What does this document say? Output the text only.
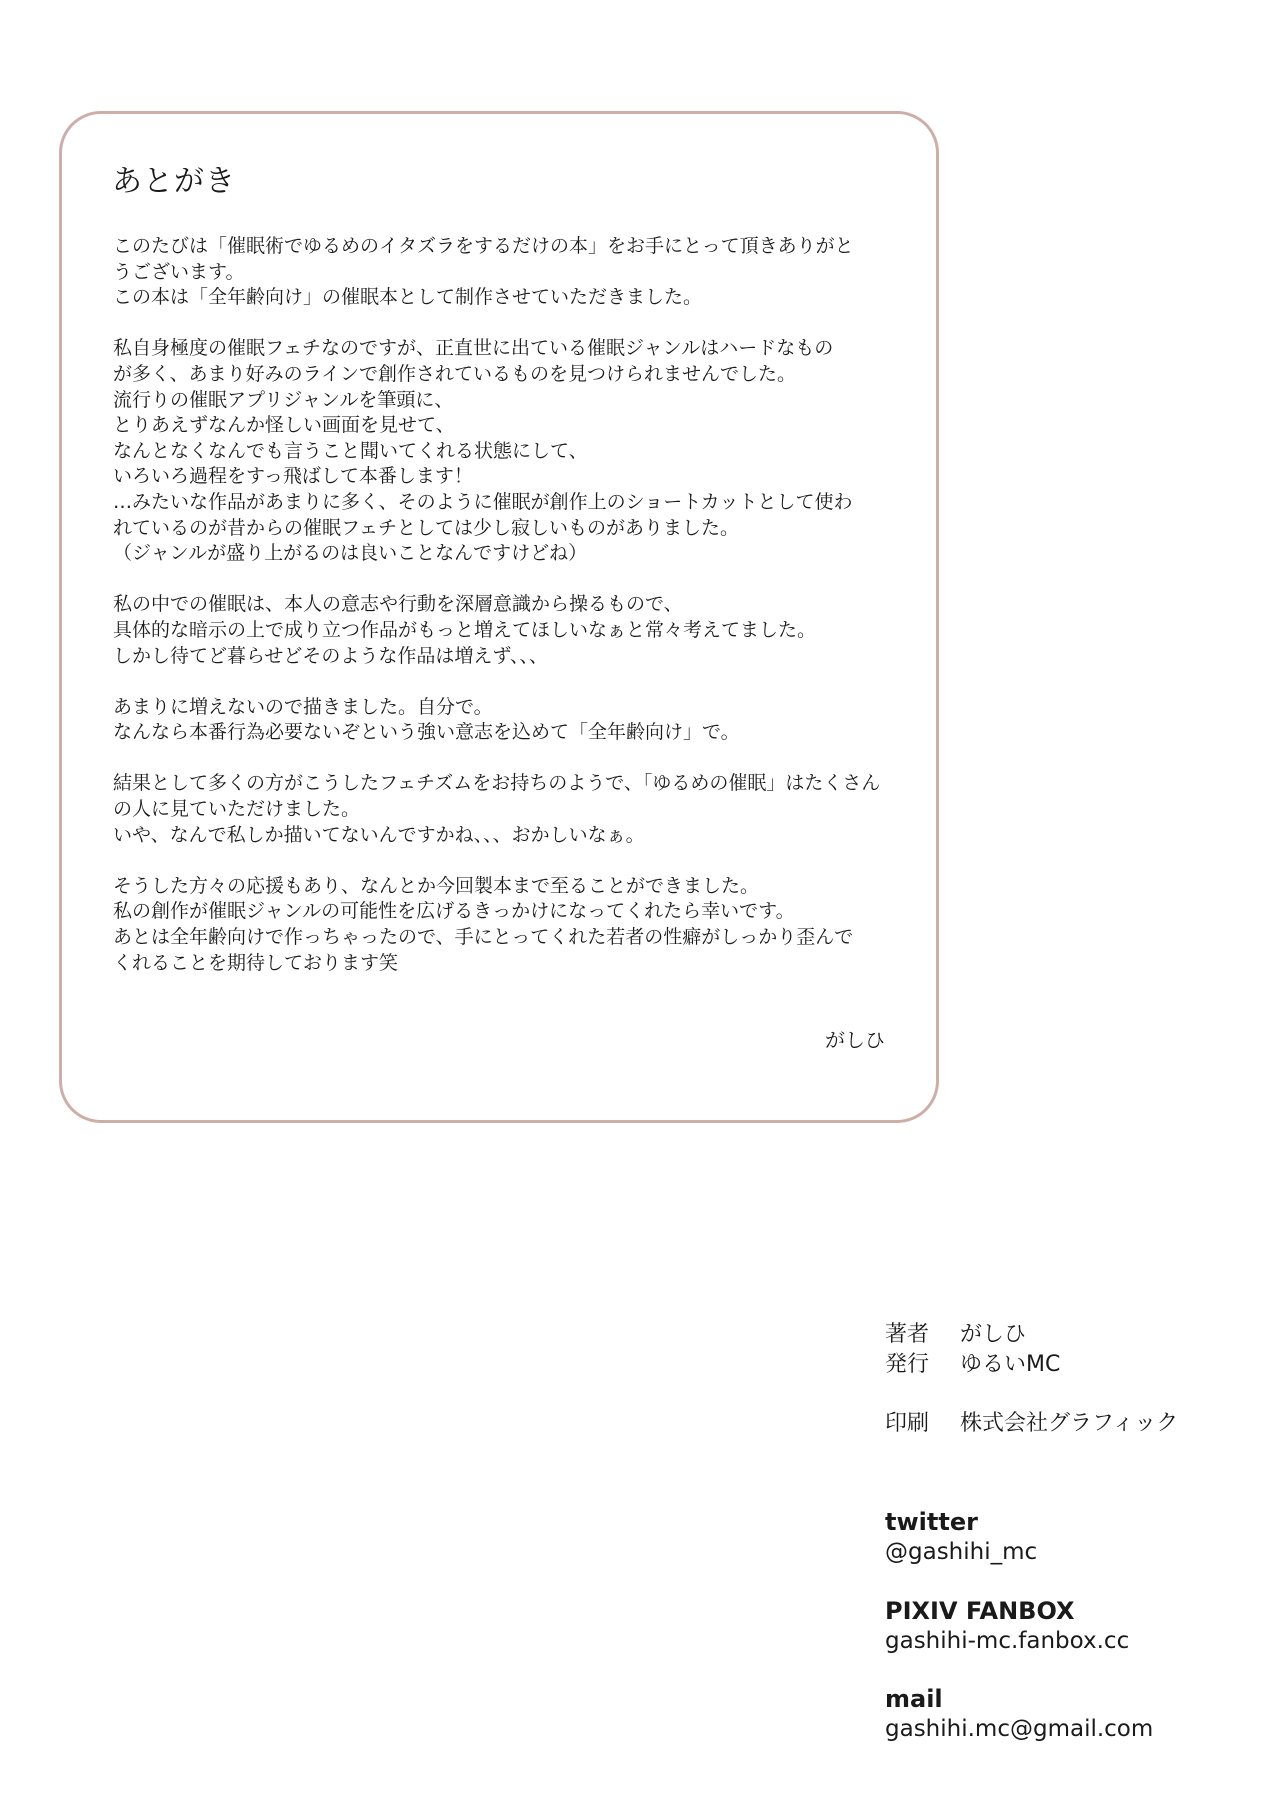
あとがき
このたびは「催眠術でゆるめのイタズラをするだけの本」をお手にとって頂きありがと
うございます。
この本は「全年齢向け」の催眠本として制作させていただきました。
私自身極度の催眠フェチなのですが、正直世に出ている催眠ジャンルはハードなもの
が多く、あまり好みのラインで創作されているものを見つけられませんでした。
流行りの催眠アプリジャンルを筆頭に、
とりあえずなんか怪しい画面を見せて、
なんとなくなんでも言うこと聞いてくれる状態にして、
いろいろ過程をすっ飛ばして本番します！
…みたいな作品があまりに多く、そのように催眠が創作上のショートカットとして使わ
れているのが昔からの催眠フェチとしては少し寂しいものがありました。
（ジャンルが盛り上がるのは良いことなんですけどね）
私の中での催眠は、本人の意志や行動を深層意識から操るもので、
具体的な暗示の上で成り立つ作品がもっと増えてほしいなぁと常々考えてました。
しかし待てど暮らせどそのような作品は増えず、、、
あまりに増えないので描きました。自分で。
なんなら本番行為必要ないぞという強い意志を込めて「全年齢向け」で。
結果として多くの方がこうしたフェチズムをお持ちのようで、「ゆるめの催眠」はたくさん
の人に見ていただけました。
いや、なんで私しか描いてないんですかね、、、おかしいなぁ。
そうした方々の応援もあり、なんとか今回製本まで至ることができました。
私の創作が催眠ジャンルの可能性を広げるきっかけになってくれたら幸いです。
あとは全年齢向けで作っちゃったので、手にとってくれた若者の性癖がしっかり歪んで
くれることを期待しております笑
がしひ
著者 がしひ
発行 ゆるいMC
印刷 株式会社グラフィック
twitter
@gashihi_mc
PIXIV FANBOX
gashihi-mc.fanbox.cc
mail
gashihi.mc@gmail.com
